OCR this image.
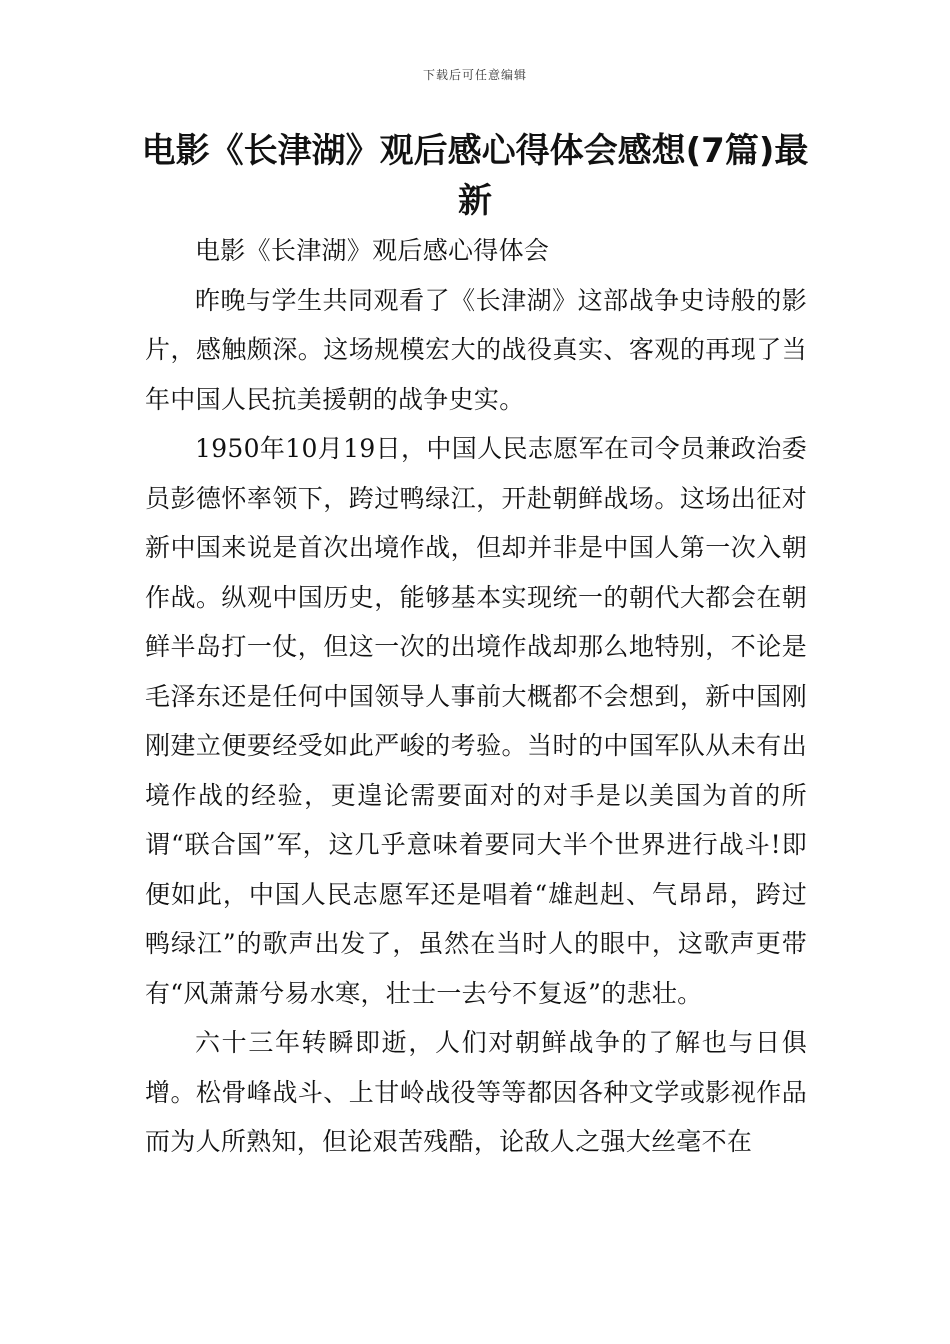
下载后可任意编辑
电影《长津湖》观后感心得体会感想(7篇)最新

电影《长津湖》观后感心得体会

昨晚与学生共同观看了《长津湖》这部战争史诗般的影片，感触颇深。这场规模宏大的战役真实、客观的再现了当年中国人民抗美援朝的战争史实。

1950年10月19日，中国人民志愿军在司令员兼政治委员彭德怀率领下，跨过鸭绿江，开赴朝鲜战场。这场出征对新中国来说是首次出境作战，但却并非是中国人第一次入朝作战。纵观中国历史，能够基本实现统一的朝代大都会在朝鲜半岛打一仗，但这一次的出境作战却那么地特别，不论是毛泽东还是任何中国领导人事前大概都不会想到，新中国刚刚建立便要经受如此严峻的考验。当时的中国军队从未有出境作战的经验，更遑论需要面对的对手是以美国为首的所谓“联合国”军，这几乎意味着要同大半个世界进行战斗!即便如此，中国人民志愿军还是唱着“雄赳赳、气昂昂，跨过鸭绿江”的歌声出发了，虽然在当时人的眼中，这歌声更带有“风萧萧兮易水寒，壮士一去兮不复返”的悲壮。

六十三年转瞬即逝，人们对朝鲜战争的了解也与日俱增。松骨峰战斗、上甘岭战役等等都因各种文学或影视作品而为人所熟知，但论艰苦残酷，论敌人之强大丝毫不在
